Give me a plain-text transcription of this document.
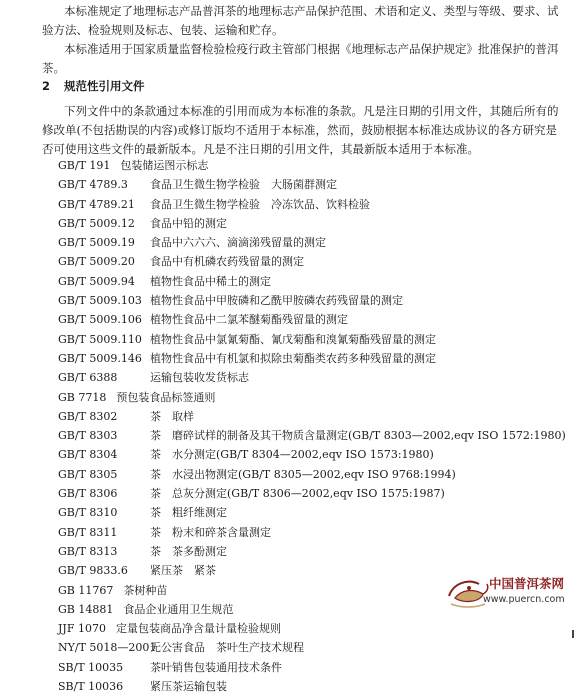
本标准规定了地理标志产品普洱茶的地理标志产品保护范围、术语和定义、类型与等级、要求、试验方法、检验规则及标志、包装、运输和贮存。

本标准适用于国家质量监督检验检疫行政主管部门根据《地理标志产品保护规定》批准保护的普洱茶。

2 规范性引用文件

下列文件中的条款通过本标准的引用而成为本标准的条款。凡是注日期的引用文件，其随后所有的修改单(不包括勘误的内容)或修订版均不适用于本标准，然而，鼓励根据本标准达成协议的各方研究是否可使用这些文件的最新版本。凡是不注日期的引用文件，其最新版本适用于本标准。

GB/T 191 包装储运图示标志
GB/T 4789.3 食品卫生微生物学检验　大肠菌群测定
GB/T 4789.21 食品卫生微生物学检验　冷冻饮品、饮料检验
GB/T 5009.12 食品中铅的测定
GB/T 5009.19 食品中六六六、滴滴涕残留量的测定
GB/T 5009.20 食品中有机磷农药残留量的测定
GB/T 5009.94 植物性食品中稀土的测定
GB/T 5009.103 植物性食品中甲胺磷和乙酰甲胺磷农药残留量的测定
GB/T 5009.106 植物性食品中二氯苯醚菊酯残留量的测定
GB/T 5009.110 植物性食品中氯氰菊酯、氰戊菊酯和溴氰菊酯残留量的测定
GB/T 5009.146 植物性食品中有机氯和拟除虫菊酯类农药多种残留量的测定
GB/T 6388	运输包装收发货标志
GB 7718 预包装食品标签通则
GB/T 8302	茶　取样
GB/T 8303	茶　磨碎试样的制备及其干物质含量测定(GB/T 8303—2002,eqv ISO 1572:1980)
GB/T 8304	茶　水分测定(GB/T 8304—2002,eqv ISO 1573:1980)
GB/T 8305	茶　水浸出物测定(GB/T 8305—2002,eqv ISO 9768:1994)
GB/T 8306	茶　总灰分测定(GB/T 8306—2002,eqv ISO 1575:1987)
GB/T 8310	茶　粗纤维测定
GB/T 8311	茶　粉末和碎茶含量测定
GB/T 8313	茶　茶多酚测定
GB/T 9833.6 紧压茶　紧茶
GB 11767 茶树种苗
GB 14881 食品企业通用卫生规范
JJF 1070 定量包装商品净含量计量检验规则
NY/T 5018—2001无公害食品　茶叶生产技术规程
SB/T 10035 茶叶销售包装通用技术条件
SB/T 10036 紧压茶运输包装
中国普洱茶网
www.puercn.com
